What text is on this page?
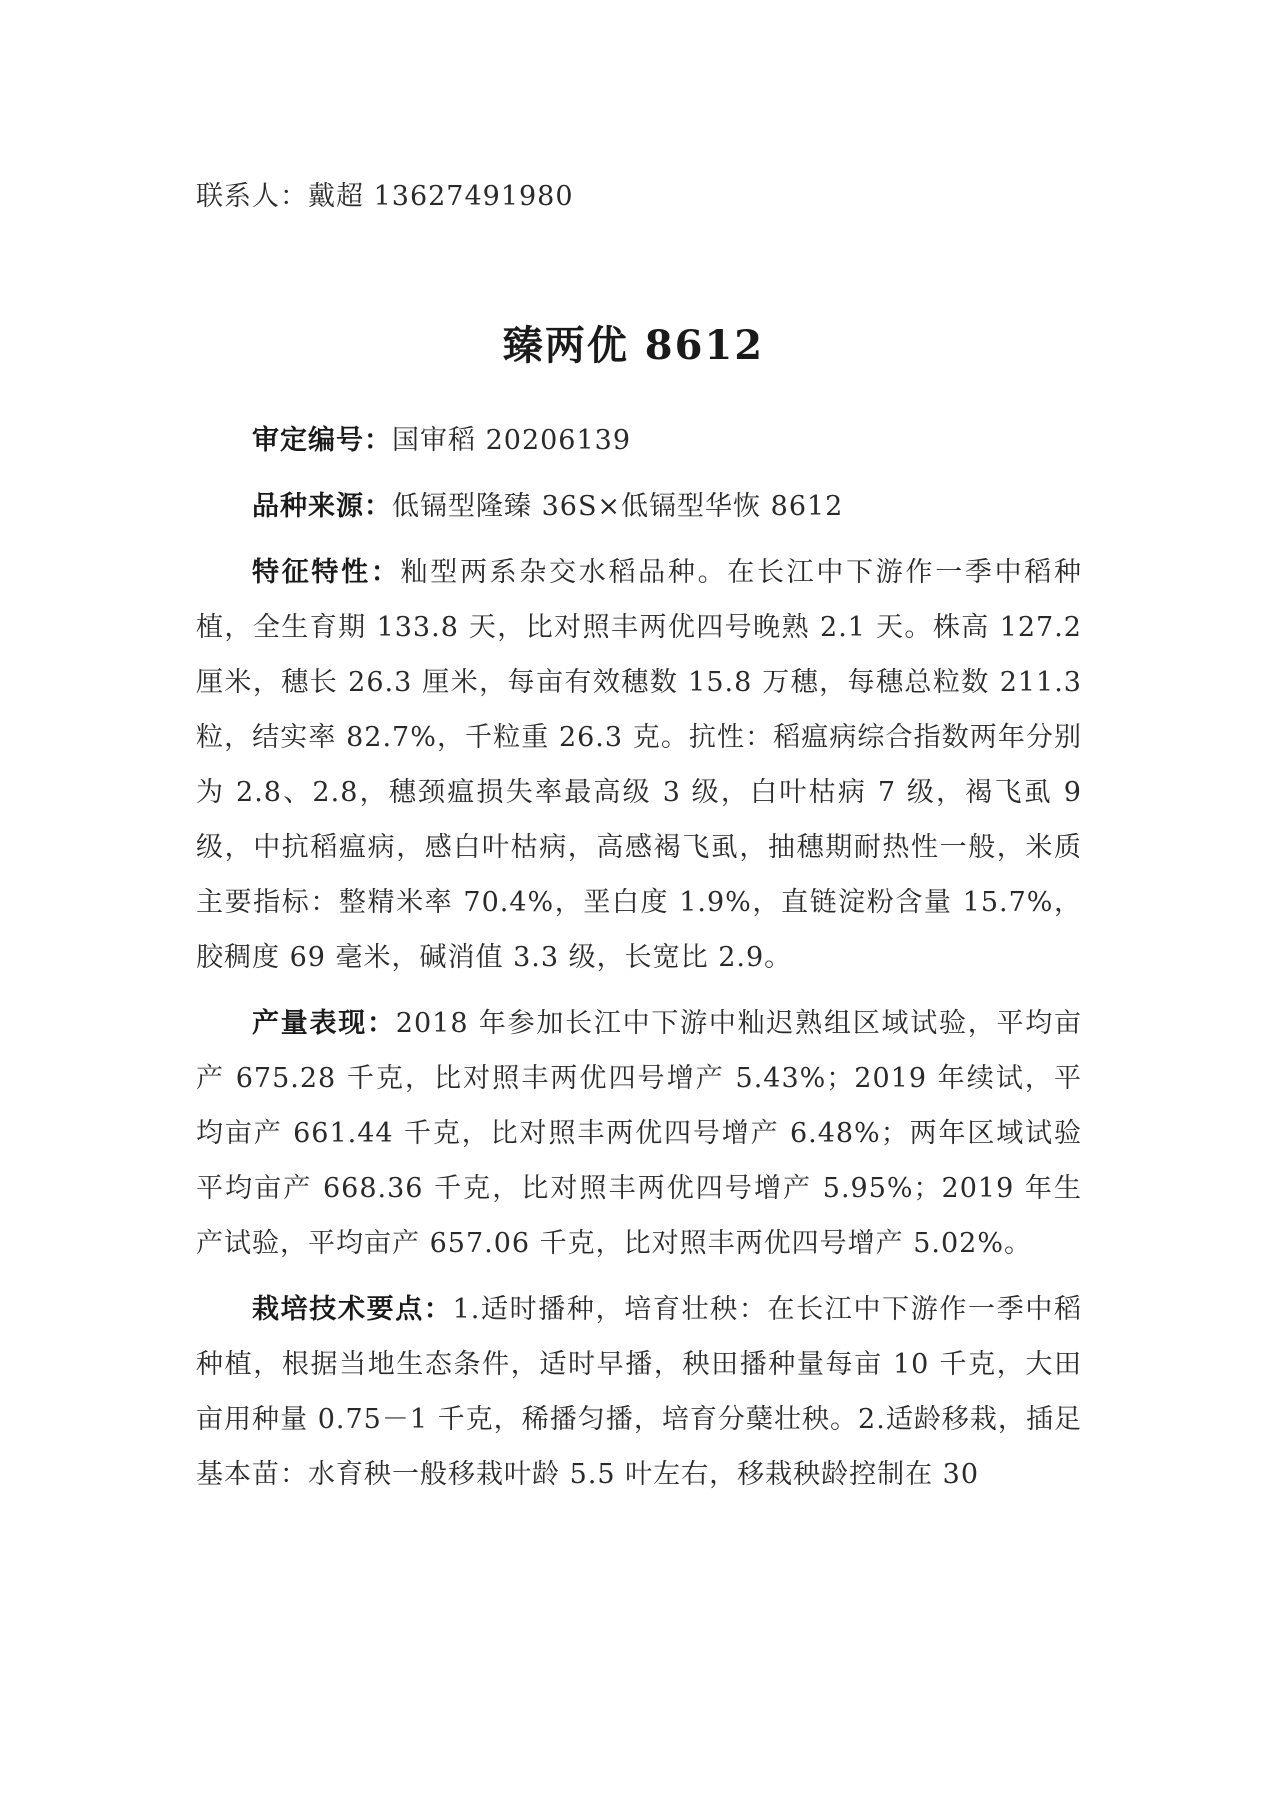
联系人：戴超 13627491980
臻两优 8612

审定编号：国审稻 20206139

品种来源：低镉型隆臻 36S×低镉型华恢 8612

特征特性：籼型两系杂交水稻品种。在长江中下游作一季中稻种植，全生育期 133.8 天，比对照丰两优四号晚熟 2.1 天。株高 127.2 厘米，穗长 26.3 厘米，每亩有效穗数 15.8 万穗，每穗总粒数 211.3 粒，结实率 82.7%，千粒重 26.3 克。抗性：稻瘟病综合指数两年分别为 2.8、2.8，穗颈瘟损失率最高级 3 级，白叶枯病 7 级，褐飞虱 9 级，中抗稻瘟病，感白叶枯病，高感褐飞虱，抽穗期耐热性一般，米质主要指标：整精米率 70.4%，垩白度 1.9%，直链淀粉含量 15.7%，胶稠度 69 毫米，碱消值 3.3 级，长宽比 2.9。

产量表现：2018 年参加长江中下游中籼迟熟组区域试验，平均亩产 675.28 千克，比对照丰两优四号增产 5.43%；2019 年续试，平均亩产 661.44 千克，比对照丰两优四号增产 6.48%；两年区域试验平均亩产 668.36 千克，比对照丰两优四号增产 5.95%；2019 年生产试验，平均亩产 657.06 千克，比对照丰两优四号增产 5.02%。

栽培技术要点：1.适时播种，培育壮秧：在长江中下游作一季中稻种植，根据当地生态条件，适时早播，秧田播种量每亩 10 千克，大田亩用种量 0.75－1 千克，稀播匀播，培育分蘖壮秧。2.适龄移栽，插足基本苗：水育秧一般移栽叶龄 5.5 叶左右，移栽秧龄控制在 30
